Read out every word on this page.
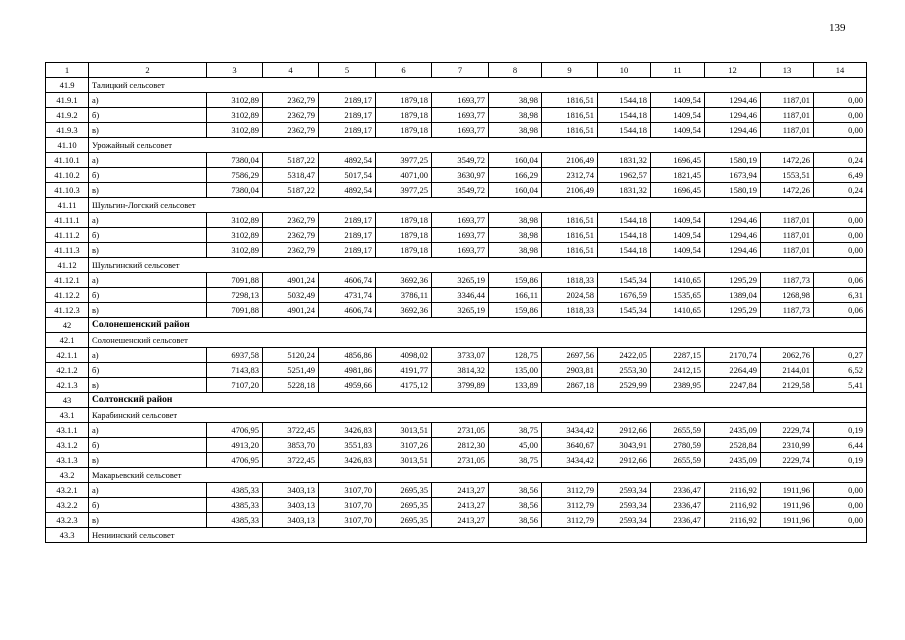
139
1	2	3	4	5	6	7	8	9	10	11	12	13	14
41.9	Талицкий сельсовет												
41.9.1	а)	3102,89	2362,79	2189,17	1879,18	1693,77	38,98	1816,51	1544,18	1409,54	1294,46	1187,01	0,00
41.9.2	б)	3102,89	2362,79	2189,17	1879,18	1693,77	38,98	1816,51	1544,18	1409,54	1294,46	1187,01	0,00
41.9.3	в)	3102,89	2362,79	2189,17	1879,18	1693,77	38,98	1816,51	1544,18	1409,54	1294,46	1187,01	0,00
41.10	Урожайный сельсовет												
41.10.1	а)	7380,04	5187,22	4892,54	3977,25	3549,72	160,04	2106,49	1831,32	1696,45	1580,19	1472,26	0,24
41.10.2	б)	7586,29	5318,47	5017,54	4071,00	3630,97	166,29	2312,74	1962,57	1821,45	1673,94	1553,51	6,49
41.10.3	в)	7380,04	5187,22	4892,54	3977,25	3549,72	160,04	2106,49	1831,32	1696,45	1580,19	1472,26	0,24
41.11	Шульгин-Логский сельсовет												
41.11.1	а)	3102,89	2362,79	2189,17	1879,18	1693,77	38,98	1816,51	1544,18	1409,54	1294,46	1187,01	0,00
41.11.2	б)	3102,89	2362,79	2189,17	1879,18	1693,77	38,98	1816,51	1544,18	1409,54	1294,46	1187,01	0,00
41.11.3	в)	3102,89	2362,79	2189,17	1879,18	1693,77	38,98	1816,51	1544,18	1409,54	1294,46	1187,01	0,00
41.12	Шульгинский сельсовет												
41.12.1	а)	7091,88	4901,24	4606,74	3692,36	3265,19	159,86	1818,33	1545,34	1410,65	1295,29	1187,73	0,06
41.12.2	б)	7298,13	5032,49	4731,74	3786,11	3346,44	166,11	2024,58	1676,59	1535,65	1389,04	1268,98	6,31
41.12.3	в)	7091,88	4901,24	4606,74	3692,36	3265,19	159,86	1818,33	1545,34	1410,65	1295,29	1187,73	0,06
42	Солонешенский район												
42.1	Солонешенский сельсовет												
42.1.1	а)	6937,58	5120,24	4856,86	4098,02	3733,07	128,75	2697,56	2422,05	2287,15	2170,74	2062,76	0,27
42.1.2	б)	7143,83	5251,49	4981,86	4191,77	3814,32	135,00	2903,81	2553,30	2412,15	2264,49	2144,01	6,52
42.1.3	в)	7107,20	5228,18	4959,66	4175,12	3799,89	133,89	2867,18	2529,99	2389,95	2247,84	2129,58	5,41
43	Солтонский район												
43.1	Карабинский сельсовет												
43.1.1	а)	4706,95	3722,45	3426,83	3013,51	2731,05	38,75	3434,42	2912,66	2655,59	2435,09	2229,74	0,19
43.1.2	б)	4913,20	3853,70	3551,83	3107,26	2812,30	45,00	3640,67	3043,91	2780,59	2528,84	2310,99	6,44
43.1.3	в)	4706,95	3722,45	3426,83	3013,51	2731,05	38,75	3434,42	2912,66	2655,59	2435,09	2229,74	0,19
43.2	Макарьевский сельсовет												
43.2.1	а)	4385,33	3403,13	3107,70	2695,35	2413,27	38,56	3112,79	2593,34	2336,47	2116,92	1911,96	0,00
43.2.2	б)	4385,33	3403,13	3107,70	2695,35	2413,27	38,56	3112,79	2593,34	2336,47	2116,92	1911,96	0,00
43.2.3	в)	4385,33	3403,13	3107,70	2695,35	2413,27	38,56	3112,79	2593,34	2336,47	2116,92	1911,96	0,00
43.3	Нениинский сельсовет												
